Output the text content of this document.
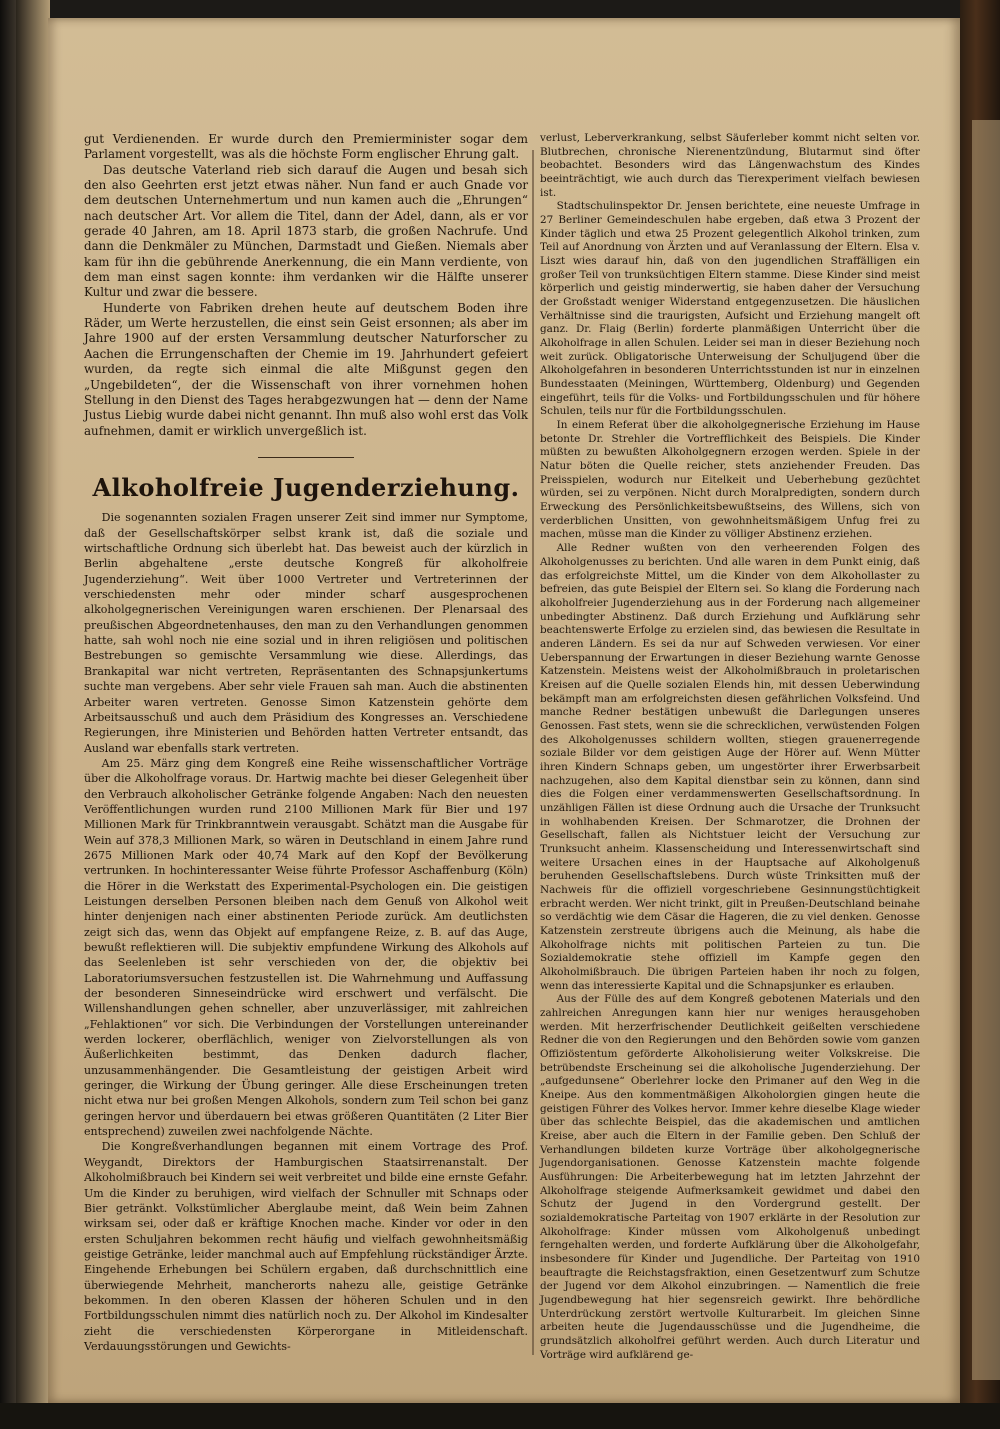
gut Verdienenden. Er wurde durch den Premierminister sogar dem Parlament vorgestellt, was als die höchste Form englischer Ehrung galt.

Das deutsche Vaterland rieb sich darauf die Augen und besah sich den also Geehrten erst jetzt etwas näher. Nun fand er auch Gnade vor dem deutschen Unternehmertum und nun kamen auch die „Ehrungen“ nach deutscher Art. Vor allem die Titel, dann der Adel, dann, als er vor gerade 40 Jahren, am 18. April 1873 starb, die großen Nachrufe. Und dann die Denkmäler zu München, Darmstadt und Gießen. Niemals aber kam für ihn die gebührende Anerkennung, die ein Mann verdiente, von dem man einst sagen konnte: ihm verdanken wir die Hälfte unserer Kultur und zwar die bessere.

Hunderte von Fabriken drehen heute auf deutschem Boden ihre Räder, um Werte herzustellen, die einst sein Geist ersonnen; als aber im Jahre 1900 auf der ersten Versammlung deutscher Naturforscher zu Aachen die Errungenschaften der Chemie im 19. Jahrhundert gefeiert wurden, da regte sich einmal die alte Mißgunst gegen den „Ungebildeten“, der die Wissenschaft von ihrer vornehmen hohen Stellung in den Dienst des Tages herabgezwungen hat — denn der Name Justus Liebig wurde dabei nicht genannt. Ihn muß also wohl erst das Volk aufnehmen, damit er wirklich unvergeßlich ist.

Alkoholfreie Jugenderziehung.

Die sogenannten sozialen Fragen unserer Zeit sind immer nur Symptome, daß der Gesellschaftskörper selbst krank ist, daß die soziale und wirtschaftliche Ordnung sich überlebt hat. Das beweist auch der kürzlich in Berlin abgehaltene „erste deutsche Kongreß für alkoholfreie Jugenderziehung“. Weit über 1000 Vertreter und Vertreterinnen der verschiedensten mehr oder minder scharf ausgesprochenen alkoholgegnerischen Vereinigungen waren erschienen. Der Plenarsaal des preußischen Abgeordnetenhauses, den man zu den Verhandlungen genommen hatte, sah wohl noch nie eine sozial und in ihren religiösen und politischen Bestrebungen so gemischte Versammlung wie diese. Allerdings, das Brankapital war nicht vertreten, Repräsentanten des Schnapsjunkertums suchte man vergebens. Aber sehr viele Frauen sah man. Auch die abstinenten Arbeiter waren vertreten. Genosse Simon Katzenstein gehörte dem Arbeitsausschuß und auch dem Präsidium des Kongresses an. Verschiedene Regierungen, ihre Ministerien und Behörden hatten Vertreter entsandt, das Ausland war ebenfalls stark vertreten.

Am 25. März ging dem Kongreß eine Reihe wissenschaftlicher Vorträge über die Alkoholfrage voraus. Dr. Hartwig machte bei dieser Gelegenheit über den Verbrauch alkoholischer Getränke folgende Angaben: Nach den neuesten Veröffentlichungen wurden rund 2100 Millionen Mark für Bier und 197 Millionen Mark für Trinkbranntwein verausgabt. Schätzt man die Ausgabe für Wein auf 378,3 Millionen Mark, so wären in Deutschland in einem Jahre rund 2675 Millionen Mark oder 40,74 Mark auf den Kopf der Bevölkerung vertrunken. In hochinteressanter Weise führte Professor Aschaffenburg (Köln) die Hörer in die Werkstatt des Experimental-Psychologen ein. Die geistigen Leistungen derselben Personen bleiben nach dem Genuß von Alkohol weit hinter denjenigen nach einer abstinenten Periode zurück. Am deutlichsten zeigt sich das, wenn das Objekt auf empfangene Reize, z. B. auf das Auge, bewußt reflektieren will. Die subjektiv empfundene Wirkung des Alkohols auf das Seelenleben ist sehr verschieden von der, die objektiv bei Laboratoriumsversuchen festzustellen ist. Die Wahrnehmung und Auffassung der besonderen Sinneseindrücke wird erschwert und verfälscht. Die Willenshandlungen gehen schneller, aber unzuverlässiger, mit zahlreichen „Fehlaktionen“ vor sich. Die Verbindungen der Vorstellungen untereinander werden lockerer, oberflächlich, weniger von Zielvorstellungen als von Äußerlichkeiten bestimmt, das Denken dadurch flacher, unzusammenhängender. Die Gesamtleistung der geistigen Arbeit wird geringer, die Wirkung der Übung geringer. Alle diese Erscheinungen treten nicht etwa nur bei großen Mengen Alkohols, sondern zum Teil schon bei ganz geringen hervor und überdauern bei etwas größeren Quantitäten (2 Liter Bier entsprechend) zuweilen zwei nachfolgende Nächte.

Die Kongreßverhandlungen begannen mit einem Vortrage des Prof. Weygandt, Direktors der Hamburgischen Staatsirrenanstalt. Der Alkoholmißbrauch bei Kindern sei weit verbreitet und bilde eine ernste Gefahr. Um die Kinder zu beruhigen, wird vielfach der Schnuller mit Schnaps oder Bier getränkt. Volkstümlicher Aberglaube meint, daß Wein beim Zahnen wirksam sei, oder daß er kräftige Knochen mache. Kinder vor oder in den ersten Schuljahren bekommen recht häufig und vielfach gewohnheitsmäßig geistige Getränke, leider manchmal auch auf Empfehlung rückständiger Ärzte. Eingehende Erhebungen bei Schülern ergaben, daß durchschnittlich eine überwiegende Mehrheit, mancherorts nahezu alle, geistige Getränke bekommen. In den oberen Klassen der höheren Schulen und in den Fortbildungsschulen nimmt dies natürlich noch zu. Der Alkohol im Kindesalter zieht die verschiedensten Körperorgane in Mitleidenschaft. Verdauungsstörungen und Gewichts-

verlust, Leberverkrankung, selbst Säuferleber kommt nicht selten vor. Blutbrechen, chronische Nierenentzündung, Blutarmut sind öfter beobachtet. Besonders wird das Längenwachstum des Kindes beeinträchtigt, wie auch durch das Tierexperiment vielfach bewiesen ist.

Stadtschulinspektor Dr. Jensen berichtete, eine neueste Umfrage in 27 Berliner Gemeindeschulen habe ergeben, daß etwa 3 Prozent der Kinder täglich und etwa 25 Prozent gelegentlich Alkohol trinken, zum Teil auf Anordnung von Ärzten und auf Veranlassung der Eltern. Elsa v. Liszt wies darauf hin, daß von den jugendlichen Straffälligen ein großer Teil von trunksüchtigen Eltern stamme. Diese Kinder sind meist körperlich und geistig minderwertig, sie haben daher der Versuchung der Großstadt weniger Widerstand entgegenzusetzen. Die häuslichen Verhältnisse sind die traurigsten, Aufsicht und Erziehung mangelt oft ganz. Dr. Flaig (Berlin) forderte planmäßigen Unterricht über die Alkoholfrage in allen Schulen. Leider sei man in dieser Beziehung noch weit zurück. Obligatorische Unterweisung der Schuljugend über die Alkoholgefahren in besonderen Unterrichtsstunden ist nur in einzelnen Bundesstaaten (Meiningen, Württemberg, Oldenburg) und Gegenden eingeführt, teils für die Volks- und Fortbildungsschulen und für höhere Schulen, teils nur für die Fortbildungsschulen.

In einem Referat über die alkoholgegnerische Erziehung im Hause betonte Dr. Strehler die Vortrefflichkeit des Beispiels. Die Kinder müßten zu bewußten Alkoholgegnern erzogen werden. Spiele in der Natur böten die Quelle reicher, stets anziehender Freuden. Das Preisspielen, wodurch nur Eitelkeit und Ueberhebung gezüchtet würden, sei zu verpönen. Nicht durch Moralpredigten, sondern durch Erweckung des Persönlichkeitsbewußtseins, des Willens, sich von verderblichen Unsitten, von gewohnheitsmäßigem Unfug frei zu machen, müsse man die Kinder zu völliger Abstinenz erziehen.

Alle Redner wußten von den verheerenden Folgen des Alkoholgenusses zu berichten. Und alle waren in dem Punkt einig, daß das erfolgreichste Mittel, um die Kinder von dem Alkohollaster zu befreien, das gute Beispiel der Eltern sei. So klang die Forderung nach alkoholfreier Jugenderziehung aus in der Forderung nach allgemeiner unbedingter Abstinenz. Daß durch Erziehung und Aufklärung sehr beachtenswerte Erfolge zu erzielen sind, das bewiesen die Resultate in anderen Ländern. Es sei da nur auf Schweden verwiesen. Vor einer Ueberspannung der Erwartungen in dieser Beziehung warnte Genosse Katzenstein. Meistens weist der Alkoholmißbrauch in proletarischen Kreisen auf die Quelle sozialen Elends hin, mit dessen Ueberwindung bekämpft man am erfolgreichsten diesen gefährlichen Volksfeind. Und manche Redner bestätigen unbewußt die Darlegungen unseres Genossen. Fast stets, wenn sie die schrecklichen, verwüstenden Folgen des Alkoholgenusses schildern wollten, stiegen grauenerregende soziale Bilder vor dem geistigen Auge der Hörer auf. Wenn Mütter ihren Kindern Schnaps geben, um ungestörter ihrer Erwerbsarbeit nachzugehen, also dem Kapital dienstbar sein zu können, dann sind dies die Folgen einer verdammenswerten Gesellschaftsordnung. In unzähligen Fällen ist diese Ordnung auch die Ursache der Trunksucht in wohlhabenden Kreisen. Der Schmarotzer, die Drohnen der Gesellschaft, fallen als Nichtstuer leicht der Versuchung zur Trunksucht anheim. Klassenscheidung und Interessenwirtschaft sind weitere Ursachen eines in der Hauptsache auf Alkoholgenuß beruhenden Gesellschaftslebens. Durch wüste Trinksitten muß der Nachweis für die offiziell vorgeschriebene Gesinnungstüchtigkeit erbracht werden. Wer nicht trinkt, gilt in Preußen-Deutschland beinahe so verdächtig wie dem Cäsar die Hageren, die zu viel denken. Genosse Katzenstein zerstreute übrigens auch die Meinung, als habe die Alkoholfrage nichts mit politischen Parteien zu tun. Die Sozialdemokratie stehe offiziell im Kampfe gegen den Alkoholmißbrauch. Die übrigen Parteien haben ihr noch zu folgen, wenn das interessierte Kapital und die Schnapsjunker es erlauben.

Aus der Fülle des auf dem Kongreß gebotenen Materials und den zahlreichen Anregungen kann hier nur weniges herausgehoben werden. Mit herzerfrischender Deutlichkeit geißelten verschiedene Redner die von den Regierungen und den Behörden sowie vom ganzen Offiziöstentum geförderte Alkoholisierung weiter Volkskreise. Die betrübendste Erscheinung sei die alkoholische Jugenderziehung. Der „aufgedunsene“ Oberlehrer locke den Primaner auf den Weg in die Kneipe. Aus den kommentmäßigen Alkoholorgien gingen heute die geistigen Führer des Volkes hervor. Immer kehre dieselbe Klage wieder über das schlechte Beispiel, das die akademischen und amtlichen Kreise, aber auch die Eltern in der Familie geben. Den Schluß der Verhandlungen bildeten kurze Vorträge über alkoholgegnerische Jugendorganisationen. Genosse Katzenstein machte folgende Ausführungen: Die Arbeiterbewegung hat im letzten Jahrzehnt der Alkoholfrage steigende Aufmerksamkeit gewidmet und dabei den Schutz der Jugend in den Vordergrund gestellt. Der sozialdemokratische Parteitag von 1907 erklärte in der Resolution zur Alkoholfrage: Kinder müssen vom Alkoholgenuß unbedingt ferngehalten werden, und forderte Aufklärung über die Alkoholgefahr, insbesondere für Kinder und Jugendliche. Der Parteitag von 1910 beauftragte die Reichstagsfraktion, einen Gesetzentwurf zum Schutze der Jugend vor dem Alkohol einzubringen. — Namentlich die freie Jugendbewegung hat hier segensreich gewirkt. Ihre behördliche Unterdrückung zerstört wertvolle Kulturarbeit. Im gleichen Sinne arbeiten heute die Jugendausschüsse und die Jugendheime, die grundsätzlich alkoholfrei geführt werden. Auch durch Literatur und Vorträge wird aufklärend ge-
